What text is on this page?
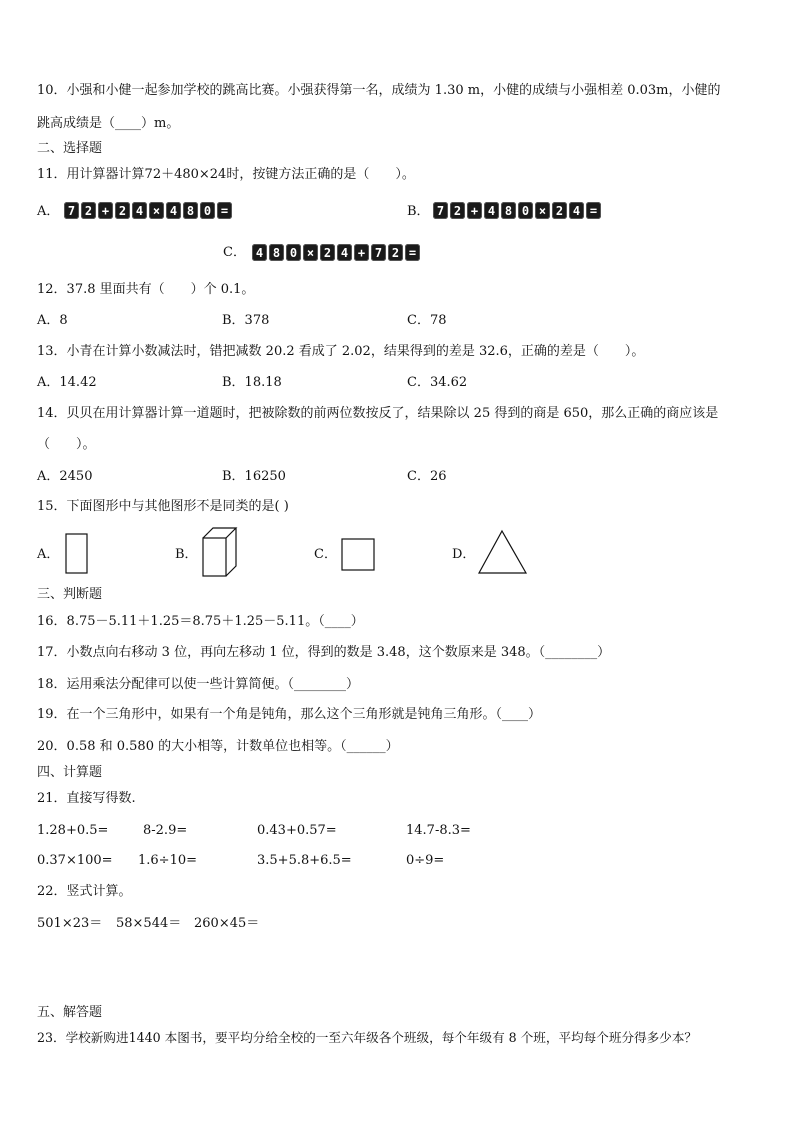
10．小强和小健一起参加学校的跳高比赛。小强获得第一名，成绩为 1.30 m，小健的成绩与小强相差 0.03m，小健的
跳高成绩是（____）m。
二、选择题
11．用计算器计算72＋480×24时，按键方法正确的是（　　）。
A． 7 2 + 2 4 × 4 8 0 =	B． 7 2 + 4 8 0 × 2 4 =
C． 4 8 0 × 2 4 + 7 2 =
12．37.8 里面共有（　　）个 0.1。
A．8	B．378	C．78
13．小青在计算小数减法时，错把减数 20.2 看成了 2.02，结果得到的差是 32.6，正确的差是（　　）。
A．14.42	B．18.18	C．34.62
14．贝贝在用计算器计算一道题时，把被除数的前两位数按反了，结果除以 25 得到的商是 650，那么正确的商应该是
（　　）。
A．2450	B．16250	C．26
15．下面图形中与其他图形不是同类的是( )
A．	B．	C．	D．
三、判断题
16．8.75－5.11＋1.25＝8.75＋1.25－5.11。（____）
17．小数点向右移动 3 位，再向左移动 1 位，得到的数是 3.48，这个数原来是 348。（________）
18．运用乘法分配律可以使一些计算简便。（________）
19．在一个三角形中，如果有一个角是钝角，那么这个三角形就是钝角三角形。（____）
20．0.58 和 0.580 的大小相等，计数单位也相等。（______）
四、计算题
21．直接写得数.
1.28+0.5=	8-2.9=	0.43+0.57=	14.7-8.3=
0.37×100= 1.6÷10=	3.5+5.8+6.5=	0÷9=
22．竖式计算。
501×23＝ 58×544＝ 260×45＝
五、解答题
23．学校新购进1440 本图书，要平均分给全校的一至六年级各个班级，每个年级有 8 个班，平均每个班分得多少本？
